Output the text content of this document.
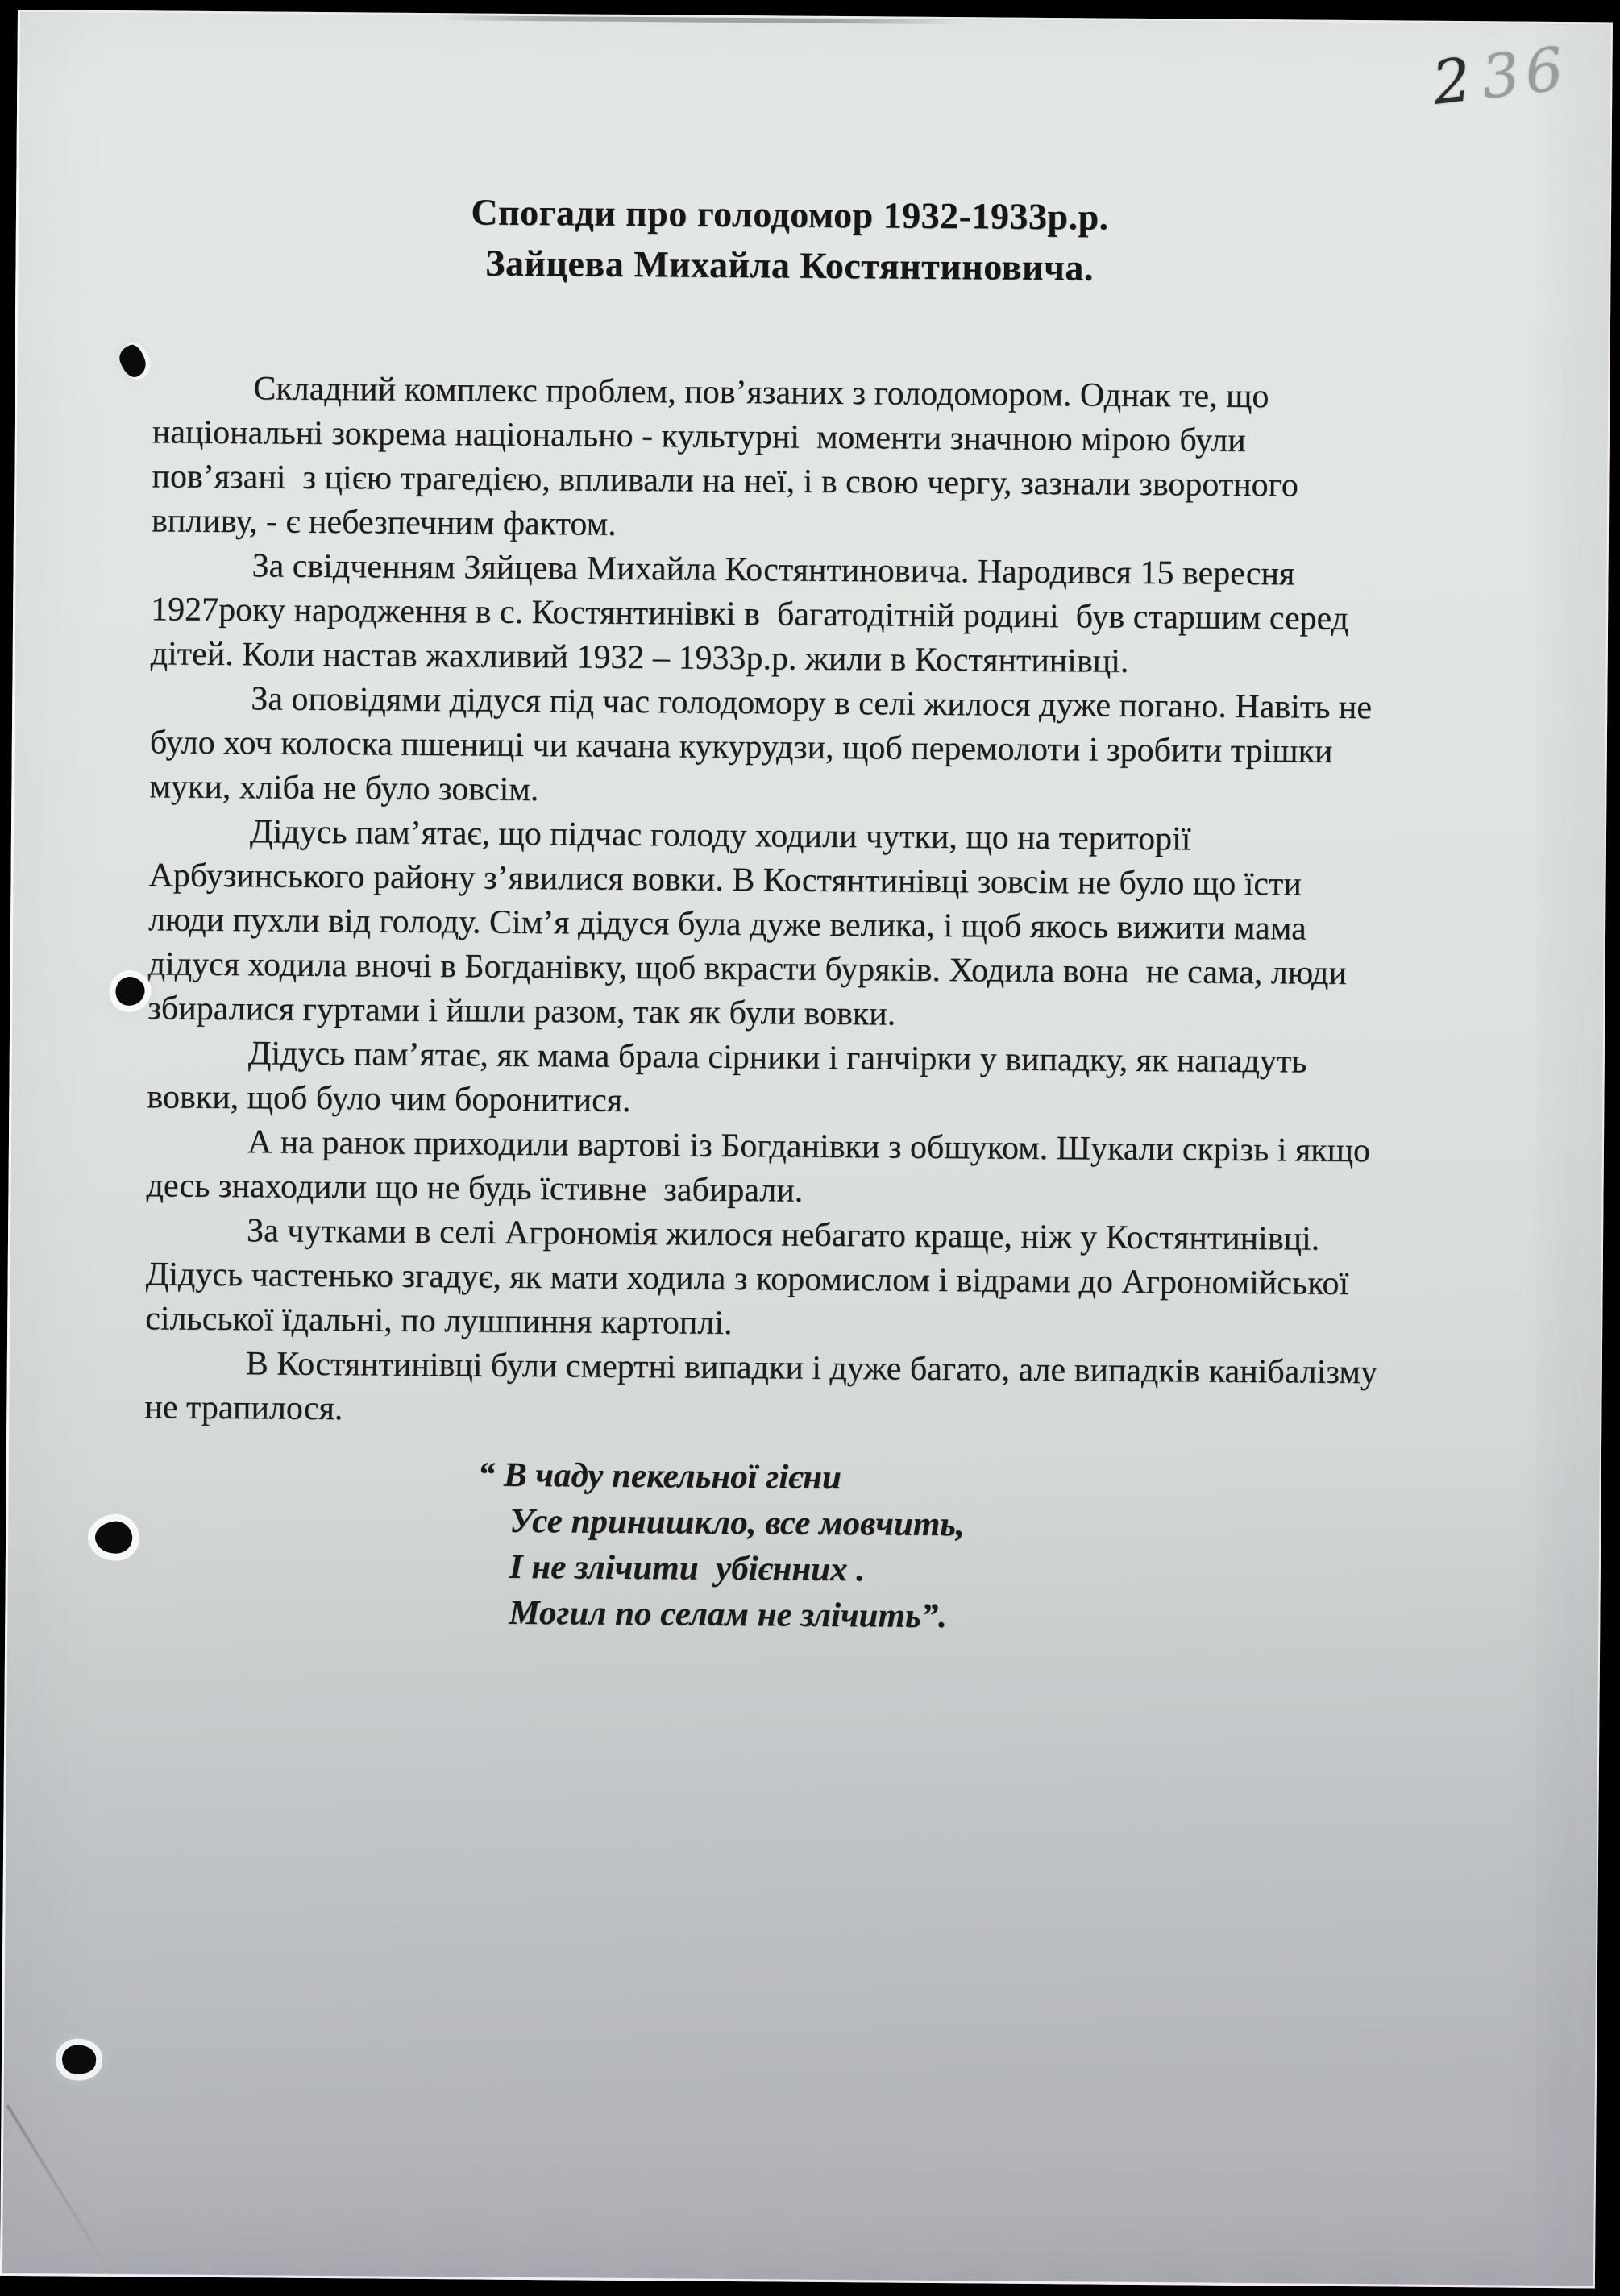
236
Спогади про голодомор 1932-1933р.р.
Зайцева Михайла Костянтиновича.

Складний комплекс проблем, пов’язаних з голодомором. Однак те, що
національні зокрема національно - культурні  моменти значною мірою були
пов’язані  з цією трагедією, впливали на неї, і в свою чергу, зазнали зворотного
впливу, - є небезпечним фактом.

За свідченням Зяйцева Михайла Костянтиновича. Народився 15 вересня
1927року народження в с. Костянтинівкі в  багатодітній родині  був старшим серед
дітей. Коли настав жахливий 1932 – 1933р.р. жили в Костянтинівці.

За оповідями дідуся під час голодомору в селі жилося дуже погано. Навіть не
було хоч колоска пшениці чи качана кукурудзи, щоб перемолоти і зробити трішки
муки, хліба не було зовсім.

Дідусь пам’ятає, що підчас голоду ходили чутки, що на території
Арбузинського району з’явилися вовки. В Костянтинівці зовсім не було що їсти
люди пухли від голоду. Сім’я дідуся була дуже велика, і щоб якось вижити мама
дідуся ходила вночі в Богданівку, щоб вкрасти буряків. Ходила вона  не сама, люди
збиралися гуртами і йшли разом, так як були вовки.

Дідусь пам’ятає, як мама брала сірники і ганчірки у випадку, як нападуть
вовки, щоб було чим боронитися.

А на ранок приходили вартові із Богданівки з обшуком. Шукали скрізь і якщо
десь знаходили що не будь їстивне  забирали.

За чутками в селі Агрономія жилося небагато краще, ніж у Костянтинівці.
Дідусь частенько згадує, як мати ходила з коромислом і відрами до Агрономійської
сільської їдальні, по лушпиння картоплі.

В Костянтинівці були смертні випадки і дуже багато, але випадків канібалізму
не трапилося.

“ В чаду пекельної гієни
Усе принишкло, все мовчить,
І не злічити  убієнних .
Могил по селам не злічить”.
